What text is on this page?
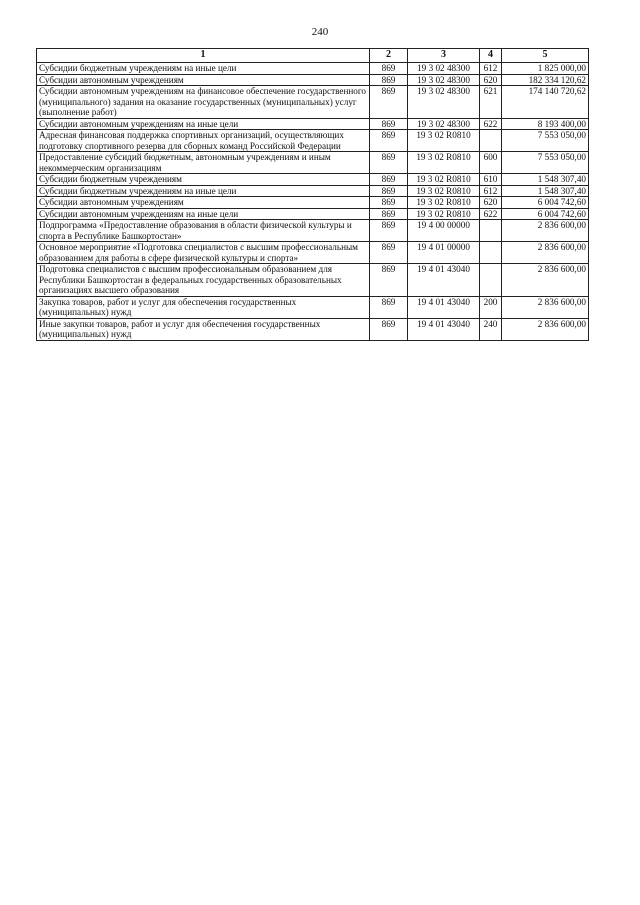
240
1	2	3	4	5
Субсидии бюджетным учреждениям на иные цели	869	19 3 02 48300	612	1 825 000,00
Субсидии автономным учреждениям	869	19 3 02 48300	620	182 334 120,62
Субсидии автономным учреждениям на финансовое обеспечение государственного (муниципального) задания на оказание государственных (муниципальных) услуг (выполнение работ)	869	19 3 02 48300	621	174 140 720,62
Субсидии автономным учреждениям на иные цели	869	19 3 02 48300	622	8 193 400,00
Адресная финансовая поддержка спортивных организаций, осуществляющих подготовку спортивного резерва для сборных команд Российской Федерации	869	19 3 02 R0810		7 553 050,00
Предоставление субсидий бюджетным, автономным учреждениям и иным некоммерческим организациям	869	19 3 02 R0810	600	7 553 050,00
Субсидии бюджетным учреждениям	869	19 3 02 R0810	610	1 548 307,40
Субсидии бюджетным учреждениям на иные цели	869	19 3 02 R0810	612	1 548 307,40
Субсидии автономным учреждениям	869	19 3 02 R0810	620	6 004 742,60
Субсидии автономным учреждениям на иные цели	869	19 3 02 R0810	622	6 004 742,60
Подпрограмма «Предоставление образования в области физической культуры и спорта в Республике Башкортостан»	869	19 4 00 00000		2 836 600,00
Основное мероприятие «Подготовка специалистов с высшим профессиональным образованием для работы в сфере физической культуры и спорта»	869	19 4 01 00000		2 836 600,00
Подготовка специалистов с высшим профессиональным образованием для Республики Башкортостан в федеральных государственных образовательных организациях высшего образования	869	19 4 01 43040		2 836 600,00
Закупка товаров, работ и услуг для обеспечения государственных (муниципальных) нужд	869	19 4 01 43040	200	2 836 600,00
Иные закупки товаров, работ и услуг для обеспечения государственных (муниципальных) нужд	869	19 4 01 43040	240	2 836 600,00
